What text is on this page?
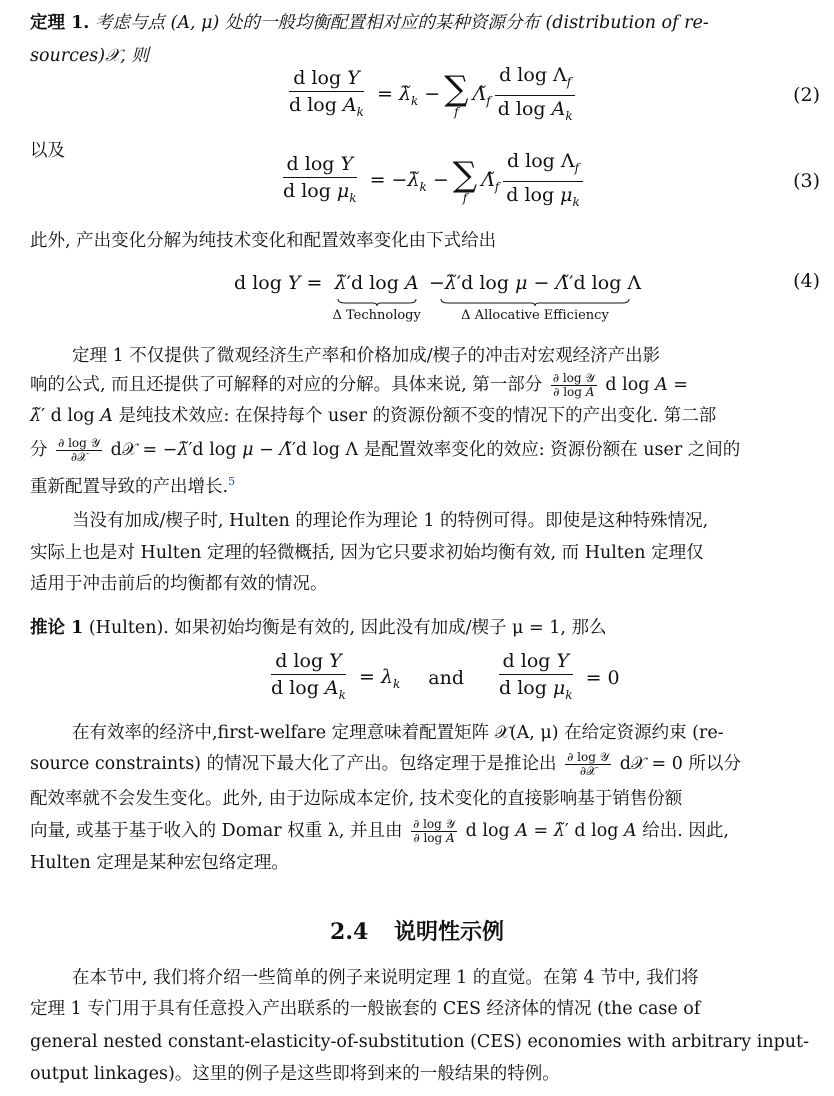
定理 1. 考虑与点 (A, μ) 处的一般均衡配置相对应的某种资源分布 (distribution of re-
sources)𝒳, 则
$\frac{\text{d log Y}}{d \log A_k}$ = $\lambdã_k$ − ∑
f
$\Lambdã_f \frac{d \log \Lambda_f}{d \log A_k}$	(2)
以及
$\frac{\text{d log Y}}{d \log \mu_k}$ = $-\lambdã_k$ − ∑
f
$\Lambdã_f \frac{d \log \Lambda_f}{d \log \mu_k}$	(3)
此外, 产出变化分解为纯技术变化和配置效率变化由下式给出
d log Y = λ̃′d log A
Δ Technology
−λ̃′d log μ − Λ̃′d log Λ
Δ Allocative Efficiency
(4)
定理 1 不仅提供了微观经济生产率和价格加成/楔子的冲击对宏观经济产出影
响的公式, 而且还提供了可解释的对应的分解。具体来说, 第一部分 $\frac{\text{∂ log 𝒴}}{\text{∂ log A}}$ d log A =
λ̃′ d log A 是纯技术效应: 在保持每个 user 的资源份额不变的情况下的产出变化. 第二部
分 $\frac{\text{∂ log 𝒴}}{\text{∂𝒳}}$ d𝒳 = −λ̃′d log μ − Λ̃′d log Λ 是配置效率变化的效应: 资源份额在 user 之间的
重新配置导致的产出增长.$^5$
当没有加成/楔子时, Hulten 的理论作为理论 1 的特例可得。即使是这种特殊情况,
实际上也是对 Hulten 定理的轻微概括, 因为它只要求初始均衡有效, 而 Hulten 定理仅
适用于冲击前后的均衡都有效的情况。
推论 1 (Hulten). 如果初始均衡是有效的, 因此没有加成/楔子 μ = 1, 那么
$\frac{\text{d log Y}}{d \log A_k} = \lambda_k$ and $\frac{\text{d log Y}}{d \log \mu_k} = 0$
在有效率的经济中,first-welfare 定理意味着配置矩阵 𝒳(A, μ) 在给定资源约束 (re-
source constraints) 的情况下最大化了产出。包络定理于是推论出 $\frac{\text{∂ log 𝒴}}{\text{∂𝒳}}$ d𝒳 = 0 所以分
配效率就不会发生变化。此外, 由于边际成本定价, 技术变化的直接影响基于销售份额
向量, 或基于基于收入的 Domar 权重 λ, 并且由 $\frac{\text{∂ log 𝒴}}{\text{∂ log A}}$ d log A = λ̃′ d log A 给出. 因此,
Hulten 定理是某种宏包络定理。
2.4 说明性示例
在本节中, 我们将介绍一些简单的例子来说明定理 1 的直觉。在第 4 节中, 我们将
定理 1 专门用于具有任意投入产出联系的一般嵌套的 CES 经济体的情况 (the case of
general nested constant-elasticity-of-substitution (CES) economies with arbitrary input-
output linkages)。这里的例子是这些即将到来的一般结果的特例。
